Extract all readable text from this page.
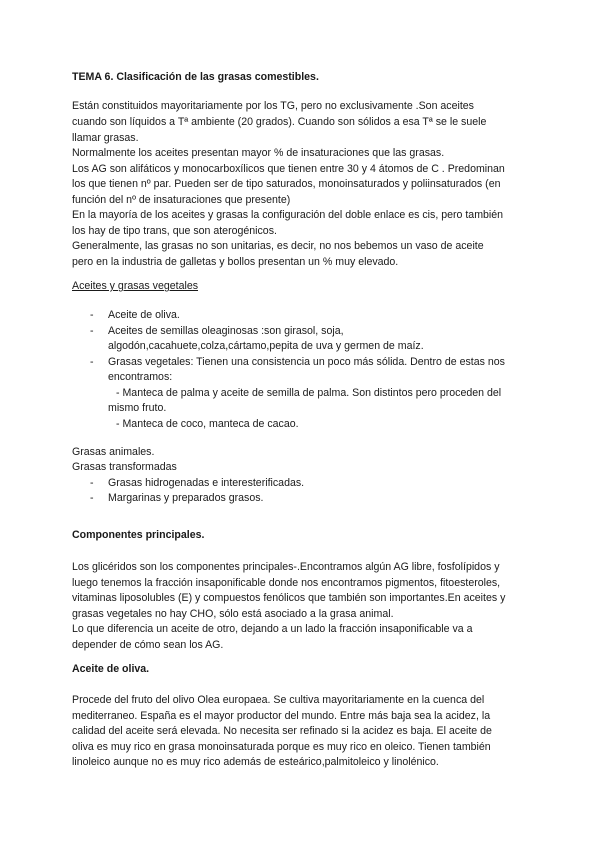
TEMA 6. Clasificación de las grasas comestibles.
Están constituidos mayoritariamente por los TG, pero no exclusivamente .Son aceites
cuando son líquidos a Tª ambiente (20 grados). Cuando son sólidos a esa Tª se le suele
llamar grasas.
Normalmente los aceites presentan mayor % de insaturaciones que las grasas.
Los AG son alifáticos y monocarboxílicos que tienen entre 30 y 4 átomos de C . Predominan
los que tienen nº par. Pueden ser de tipo saturados, monoinsaturados y poliinsaturados (en
función del nº de insaturaciones que presente)
En la mayoría de los aceites y grasas la configuración del doble enlace es cis, pero también
los hay de tipo trans, que son aterogénicos.
Generalmente, las grasas no son unitarias, es decir, no nos bebemos un vaso de aceite
pero en la industria de galletas y bollos presentan un % muy elevado.
Aceites y grasas vegetales
- Aceite de oliva.
- Aceites de semillas oleaginosas :son girasol, soja,
algodón,cacahuete,colza,cártamo,pepita de uva y germen de maíz.
- Grasas vegetales: Tienen una consistencia un poco más sólida. Dentro de estas nos
encontramos:
- Manteca de palma y aceite de semilla de palma. Son distintos pero proceden del
mismo fruto.
- Manteca de coco, manteca de cacao.
Grasas animales.
Grasas transformadas
- Grasas hidrogenadas e interesterificadas.
- Margarinas y preparados grasos.
Componentes principales.
Los glicéridos son los componentes principales-.Encontramos algún AG libre, fosfolípidos y
luego tenemos la fracción insaponificable donde nos encontramos pigmentos, fitoesteroles,
vitaminas liposolubles (E) y compuestos fenólicos que también son importantes.En aceites y
grasas vegetales no hay CHO, sólo está asociado a la grasa animal.
Lo que diferencia un aceite de otro, dejando a un lado la fracción insaponificable va a
depender de cómo sean los AG.
Aceite de oliva.
Procede del fruto del olivo Olea europaea. Se cultiva mayoritariamente en la cuenca del
mediterraneo. España es el mayor productor del mundo. Entre más baja sea la acidez, la
calidad del aceite será elevada. No necesita ser refinado si la acidez es baja. El aceite de
oliva es muy rico en grasa monoinsaturada porque es muy rico en oleico. Tienen también
linoleico aunque no es muy rico además de esteárico,palmitoleico y linolénico.
